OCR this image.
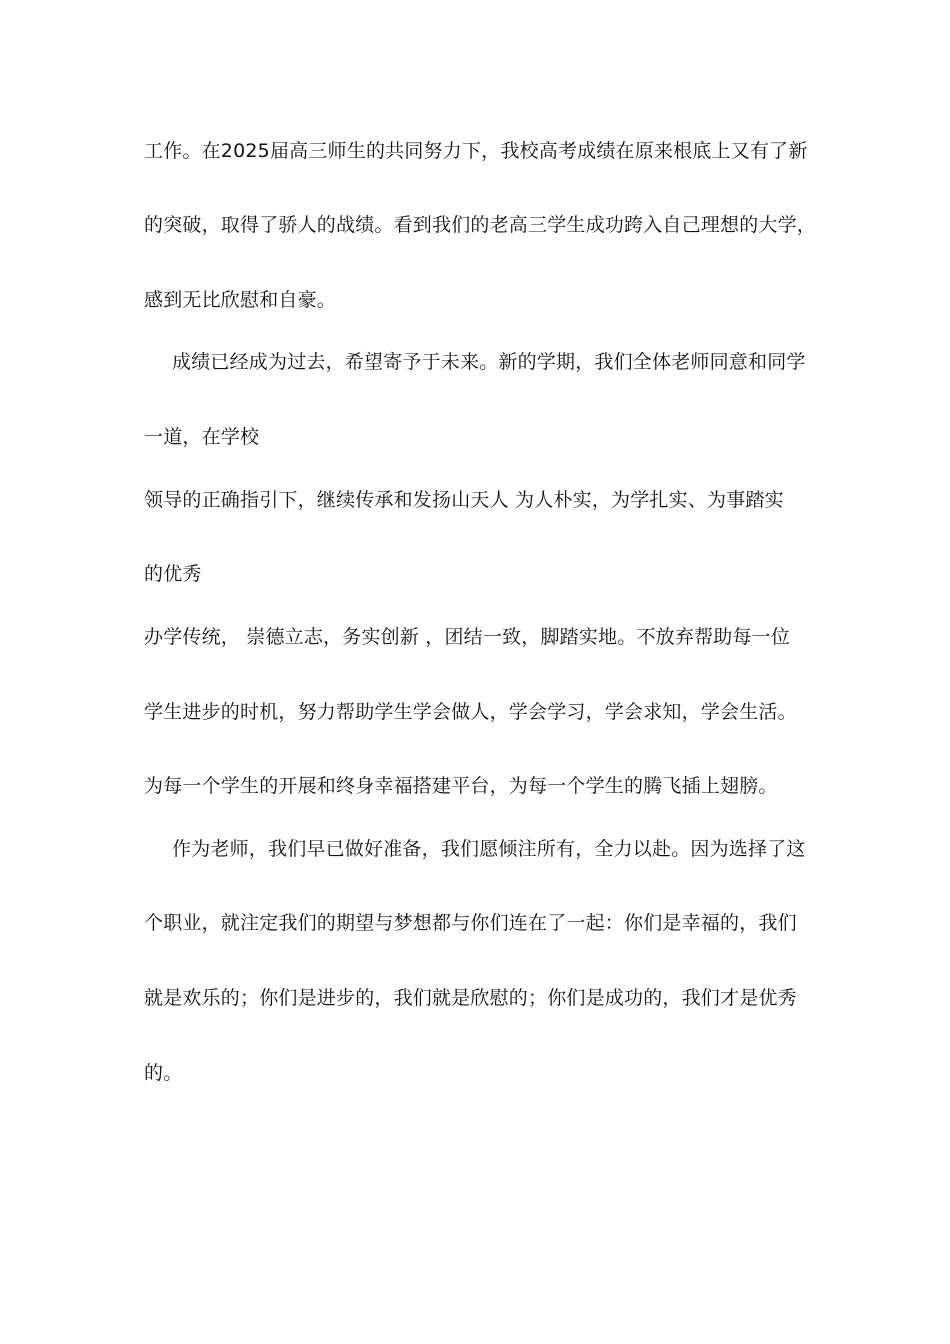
工作。在2025届高三师生的共同努力下，我校高考成绩在原来根底上又有了新
的突破，取得了骄人的战绩。看到我们的老高三学生成功跨入自己理想的大学，
感到无比欣慰和自豪。
成绩已经成为过去，希望寄予于未来。新的学期，我们全体老师同意和同学
一道，在学校
领导的正确指引下，继续传承和发扬山天人 为人朴实，为学扎实、为事踏实
的优秀
办学传统， 崇德立志，务实创新 ，团结一致，脚踏实地。不放弃帮助每一位
学生进步的时机，努力帮助学生学会做人，学会学习，学会求知，学会生活。
为每一个学生的开展和终身幸福搭建平台，为每一个学生的腾飞插上翅膀。
作为老师，我们早已做好准备，我们愿倾注所有，全力以赴。因为选择了这
个职业，就注定我们的期望与梦想都与你们连在了一起：你们是幸福的，我们
就是欢乐的；你们是进步的，我们就是欣慰的；你们是成功的，我们才是优秀
的。
